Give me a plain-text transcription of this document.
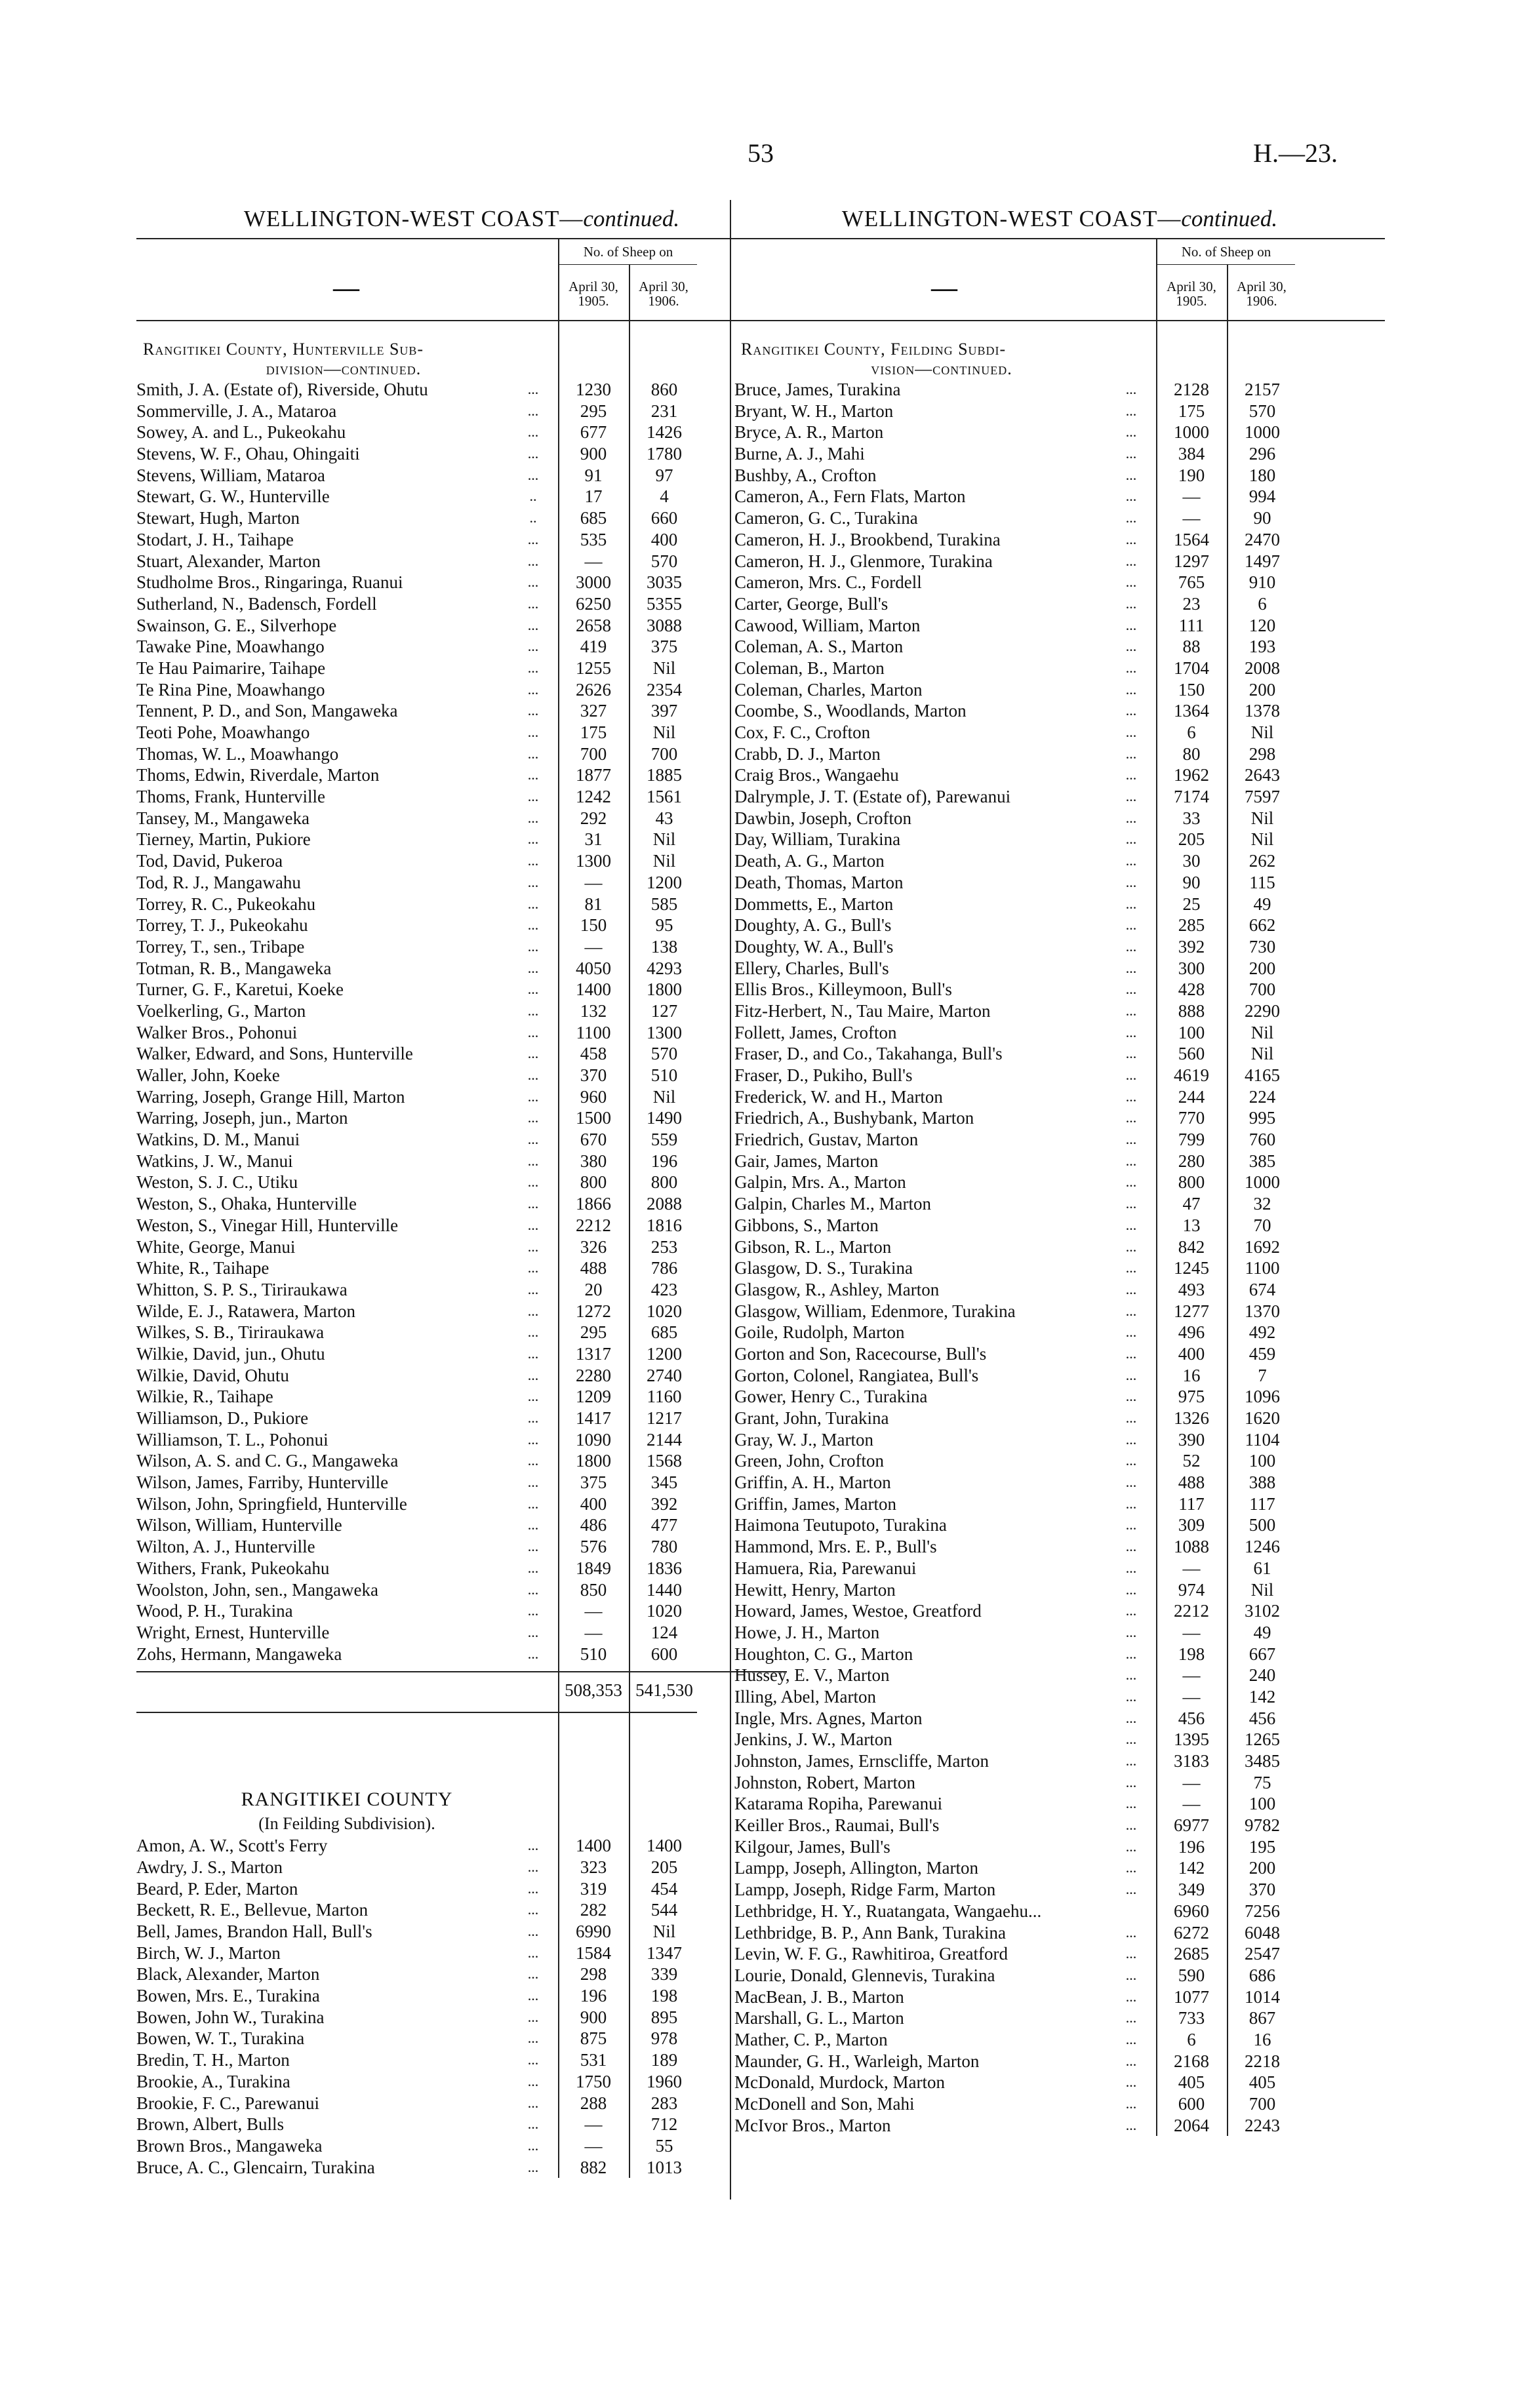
53	H.—23.
WELLINGTON-WEST COAST—continued.
—
No. of Sheep on
April 30, 1905.
April 30, 1906.
Rangitikei County, Hunterville Sub-
division—continued.
Smith, J. A. (Estate of), Riverside, Ohutu	...	1230	860
Sommerville, J. A., Mataroa	...	295	231
Sowey, A. and L., Pukeokahu	...	677	1426
Stevens, W. F., Ohau, Ohingaiti	...	900	1780
Stevens, William, Mataroa	...	91	97
Stewart, G. W., Hunterville	..	17	4
Stewart, Hugh, Marton	..	685	660
Stodart, J. H., Taihape	...	535	400
Stuart, Alexander, Marton	...	—	570
Studholme Bros., Ringaringa, Ruanui	...	3000	3035
Sutherland, N., Badensch, Fordell	...	6250	5355
Swainson, G. E., Silverhope	...	2658	3088
Tawake Pine, Moawhango	...	419	375
Te Hau Paimarire, Taihape	...	1255	Nil
Te Rina Pine, Moawhango	...	2626	2354
Tennent, P. D., and Son, Mangaweka	...	327	397
Teoti Pohe, Moawhango	...	175	Nil
Thomas, W. L., Moawhango	...	700	700
Thoms, Edwin, Riverdale, Marton	...	1877	1885
Thoms, Frank, Hunterville	...	1242	1561
Tansey, M., Mangaweka	...	292	43
Tierney, Martin, Pukiore	...	31	Nil
Tod, David, Pukeroa	...	1300	Nil
Tod, R. J., Mangawahu	...	—	1200
Torrey, R. C., Pukeokahu	...	81	585
Torrey, T. J., Pukeokahu	...	150	95
Torrey, T., sen., Tribape	...	—	138
Totman, R. B., Mangaweka	...	4050	4293
Turner, G. F., Karetui, Koeke	...	1400	1800
Voelkerling, G., Marton	...	132	127
Walker Bros., Pohonui	...	1100	1300
Walker, Edward, and Sons, Hunterville	...	458	570
Waller, John, Koeke	...	370	510
Warring, Joseph, Grange Hill, Marton	...	960	Nil
Warring, Joseph, jun., Marton	...	1500	1490
Watkins, D. M., Manui	...	670	559
Watkins, J. W., Manui	...	380	196
Weston, S. J. C., Utiku	...	800	800
Weston, S., Ohaka, Hunterville	...	1866	2088
Weston, S., Vinegar Hill, Hunterville	...	2212	1816
White, George, Manui	...	326	253
White, R., Taihape	...	488	786
Whitton, S. P. S., Tiriraukawa	...	20	423
Wilde, E. J., Ratawera, Marton	...	1272	1020
Wilkes, S. B., Tiriraukawa	...	295	685
Wilkie, David, jun., Ohutu	...	1317	1200
Wilkie, David, Ohutu	...	2280	2740
Wilkie, R., Taihape	...	1209	1160
Williamson, D., Pukiore	...	1417	1217
Williamson, T. L., Pohonui	...	1090	2144
Wilson, A. S. and C. G., Mangaweka	...	1800	1568
Wilson, James, Farriby, Hunterville	...	375	345
Wilson, John, Springfield, Hunterville	...	400	392
Wilson, William, Hunterville	...	486	477
Wilton, A. J., Hunterville	...	576	780
Withers, Frank, Pukeokahu	...	1849	1836
Woolston, John, sen., Mangaweka	...	850	1440
Wood, P. H., Turakina	...	—	1020
Wright, Ernest, Hunterville	...	—	124
Zohs, Hermann, Mangaweka	...	510	600
508,353 541,530
RANGITIKEI COUNTY
(In Feilding Subdivision).
Amon, A. W., Scott's Ferry	...	1400	1400
Awdry, J. S., Marton	...	323	205
Beard, P. Eder, Marton	...	319	454
Beckett, R. E., Bellevue, Marton	...	282	544
Bell, James, Brandon Hall, Bull's	...	6990	Nil
Birch, W. J., Marton	...	1584	1347
Black, Alexander, Marton	...	298	339
Bowen, Mrs. E., Turakina	...	196	198
Bowen, John W., Turakina	...	900	895
Bowen, W. T., Turakina	...	875	978
Bredin, T. H., Marton	...	531	189
Brookie, A., Turakina	...	1750	1960
Brookie, F. C., Parewanui	...	288	283
Brown, Albert, Bulls	...	—	712
Brown Bros., Mangaweka	...	—	55
Bruce, A. C., Glencairn, Turakina	...	882	1013
WELLINGTON-WEST COAST—continued.
—
No. of Sheep on
April 30, 1905.
April 30, 1906.
Rangitikei County, Feilding Subdi-
vision—continued.
Bruce, James, Turakina	...	2128	2157
Bryant, W. H., Marton	...	175	570
Bryce, A. R., Marton	...	1000	1000
Burne, A. J., Mahi	...	384	296
Bushby, A., Crofton	...	190	180
Cameron, A., Fern Flats, Marton	...	—	994
Cameron, G. C., Turakina	...	—	90
Cameron, H. J., Brookbend, Turakina	...	1564	2470
Cameron, H. J., Glenmore, Turakina	...	1297	1497
Cameron, Mrs. C., Fordell	...	765	910
Carter, George, Bull's	...	23	6
Cawood, William, Marton	...	111	120
Coleman, A. S., Marton	...	88	193
Coleman, B., Marton	...	1704	2008
Coleman, Charles, Marton	...	150	200
Coombe, S., Woodlands, Marton	...	1364	1378
Cox, F. C., Crofton	...	6	Nil
Crabb, D. J., Marton	...	80	298
Craig Bros., Wangaehu	...	1962	2643
Dalrymple, J. T. (Estate of), Parewanui	...	7174	7597
Dawbin, Joseph, Crofton	...	33	Nil
Day, William, Turakina	...	205	Nil
Death, A. G., Marton	...	30	262
Death, Thomas, Marton	...	90	115
Dommetts, E., Marton	...	25	49
Doughty, A. G., Bull's	...	285	662
Doughty, W. A., Bull's	...	392	730
Ellery, Charles, Bull's	...	300	200
Ellis Bros., Killeymoon, Bull's	...	428	700
Fitz-Herbert, N., Tau Maire, Marton	...	888	2290
Follett, James, Crofton	...	100	Nil
Fraser, D., and Co., Takahanga, Bull's	...	560	Nil
Fraser, D., Pukiho, Bull's	...	4619	4165
Frederick, W. and H., Marton	...	244	224
Friedrich, A., Bushybank, Marton	...	770	995
Friedrich, Gustav, Marton	...	799	760
Gair, James, Marton	...	280	385
Galpin, Mrs. A., Marton	...	800	1000
Galpin, Charles M., Marton	...	47	32
Gibbons, S., Marton	...	13	70
Gibson, R. L., Marton	...	842	1692
Glasgow, D. S., Turakina	...	1245	1100
Glasgow, R., Ashley, Marton	...	493	674
Glasgow, William, Edenmore, Turakina	...	1277	1370
Goile, Rudolph, Marton	...	496	492
Gorton and Son, Racecourse, Bull's	...	400	459
Gorton, Colonel, Rangiatea, Bull's	...	16	7
Gower, Henry C., Turakina	...	975	1096
Grant, John, Turakina	...	1326	1620
Gray, W. J., Marton	...	390	1104
Green, John, Crofton	...	52	100
Griffin, A. H., Marton	...	488	388
Griffin, James, Marton	...	117	117
Haimona Teutupoto, Turakina	...	309	500
Hammond, Mrs. E. P., Bull's	...	1088	1246
Hamuera, Ria, Parewanui	...	—	61
Hewitt, Henry, Marton	...	974	Nil
Howard, James, Westoe, Greatford	...	2212	3102
Howe, J. H., Marton	...	—	49
Houghton, C. G., Marton	...	198	667
Hussey, E. V., Marton	...	—	240
Illing, Abel, Marton	...	—	142
Ingle, Mrs. Agnes, Marton	...	456	456
Jenkins, J. W., Marton	...	1395	1265
Johnston, James, Ernscliffe, Marton	...	3183	3485
Johnston, Robert, Marton	...	—	75
Katarama Ropiha, Parewanui	...	—	100
Keiller Bros., Raumai, Bull's	...	6977	9782
Kilgour, James, Bull's	...	196	195
Lampp, Joseph, Allington, Marton	...	142	200
Lampp, Joseph, Ridge Farm, Marton	...	349	370
Lethbridge, H. Y., Ruatangata, Wangaehu...	6960	7256
Lethbridge, B. P., Ann Bank, Turakina	...	6272	6048
Levin, W. F. G., Rawhitiroa, Greatford	...	2685	2547
Lourie, Donald, Glennevis, Turakina	...	590	686
MacBean, J. B., Marton	...	1077	1014
Marshall, G. L., Marton	...	733	867
Mather, C. P., Marton	...	6	16
Maunder, G. H., Warleigh, Marton	...	2168	2218
McDonald, Murdock, Marton	...	405	405
McDonell and Son, Mahi	...	600	700
McIvor Bros., Marton	...	2064	2243
